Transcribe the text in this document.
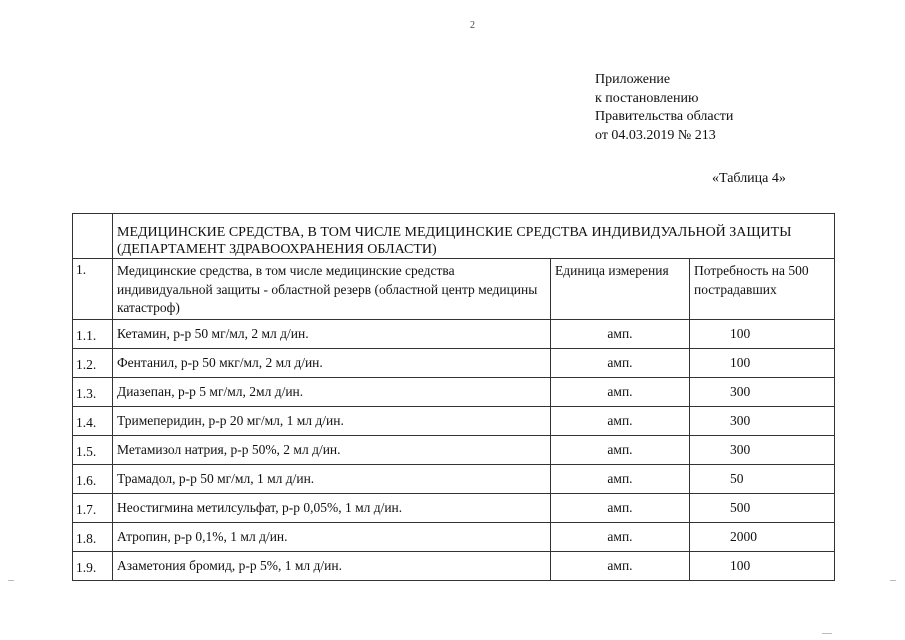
2
Приложение
к постановлению
Правительства области
от 04.03.2019 № 213
«Таблица 4»

	МЕДИЦИНСКИЕ СРЕДСТВА, В ТОМ ЧИСЛЕ МЕДИЦИНСКИЕ СРЕДСТВА ИНДИВИДУАЛЬНОЙ ЗАЩИТЫ (ДЕПАРТАМЕНТ ЗДРАВООХРАНЕНИЯ ОБЛАСТИ)		

1.	Медицинские средства, в том числе медицинские средства индивидуальной защиты - областной резерв (областной центр медицины катастроф)	Единица измерения	Потребность на 500 пострадавших

1.1.	Кетамин, р-р 50 мг/мл, 2 мл д/ин.	амп.	100

1.2.	Фентанил, р-р 50 мкг/мл, 2 мл д/ин.	амп.	100

1.3.	Диазепан, р-р 5 мг/мл, 2мл д/ин.	амп.	300

1.4.	Тримеперидин, р-р 20 мг/мл, 1 мл д/ин.	амп.	300

1.5.	Метамизол натрия, р-р 50%, 2 мл д/ин.	амп.	300

1.6.	Трамадол, р-р 50 мг/мл, 1 мл д/ин.	амп.	50

1.7.	Неостигмина метилсульфат, р-р 0,05%, 1 мл д/ин.	амп.	500

1.8.	Атропин, р-р 0,1%, 1 мл д/ин.	амп.	2000

1.9.	Азаметония бромид, р-р 5%, 1 мл д/ин.	амп.	100
